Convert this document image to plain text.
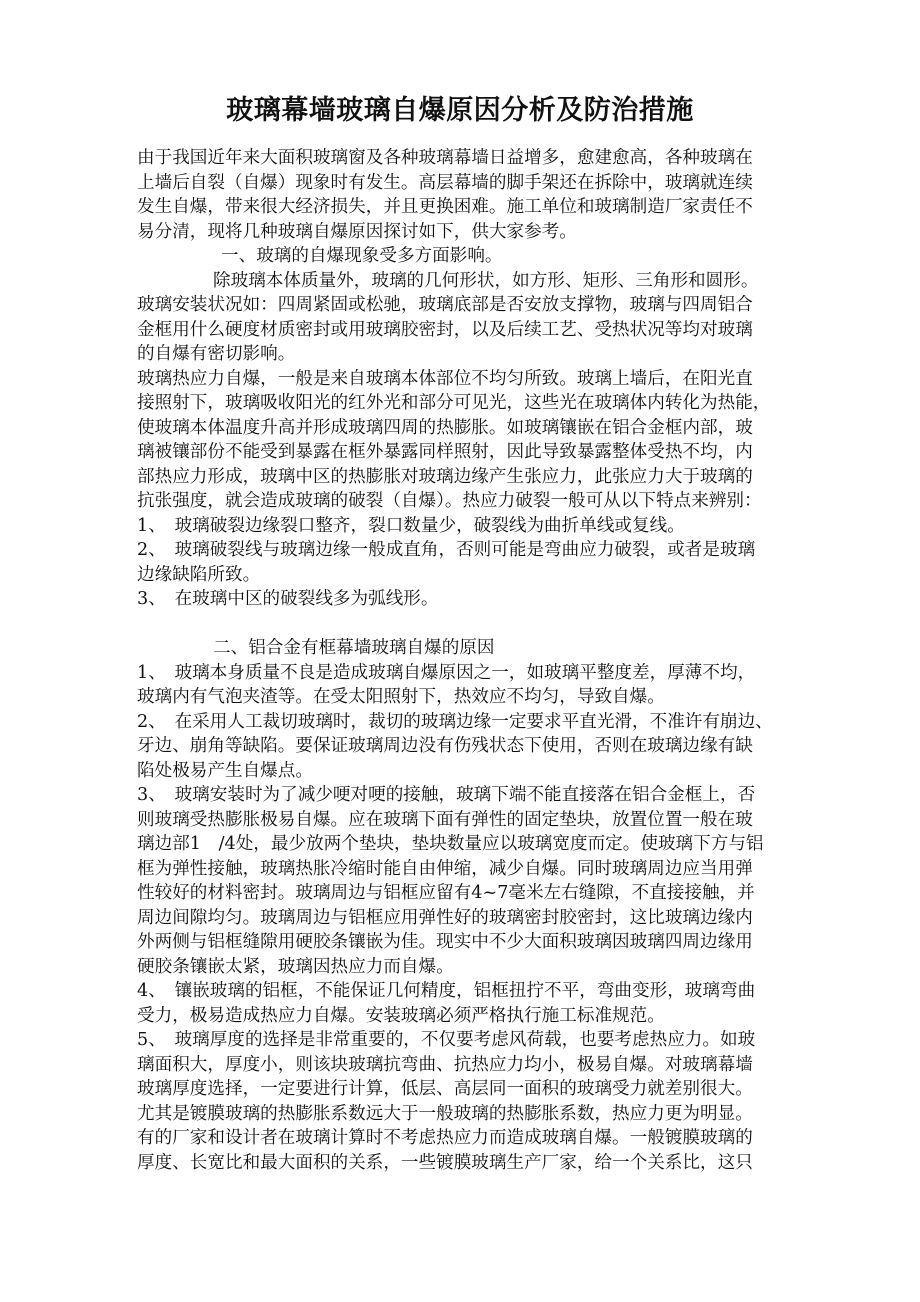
玻璃幕墙玻璃自爆原因分析及防治措施
由于我国近年来大面积玻璃窗及各种玻璃幕墙日益增多，愈建愈高，各种玻璃在
上墙后自裂（自爆）现象时有发生。高层幕墙的脚手架还在拆除中，玻璃就连续
发生自爆，带来很大经济损失，并且更换困难。施工单位和玻璃制造厂家责任不
易分清，现将几种玻璃自爆原因探讨如下，供大家参考。
一、玻璃的自爆现象受多方面影响。
除玻璃本体质量外，玻璃的几何形状，如方形、矩形、三角形和圆形。
玻璃安装状况如：四周紧固或松驰，玻璃底部是否安放支撑物，玻璃与四周铝合
金框用什么硬度材质密封或用玻璃胶密封，以及后续工艺、受热状况等均对玻璃
的自爆有密切影响。
玻璃热应力自爆，一般是来自玻璃本体部位不均匀所致。玻璃上墙后，在阳光直
接照射下，玻璃吸收阳光的红外光和部分可见光，这些光在玻璃体内转化为热能，
使玻璃本体温度升高并形成玻璃四周的热膨胀。如玻璃镶嵌在铝合金框内部，玻
璃被镶部份不能受到暴露在框外暴露同样照射，因此导致暴露整体受热不均，内
部热应力形成，玻璃中区的热膨胀对玻璃边缘产生张应力，此张应力大于玻璃的
抗张强度，就会造成玻璃的破裂（自爆）。热应力破裂一般可从以下特点来辨别：
1、　玻璃破裂边缘裂口整齐，裂口数量少，破裂线为曲折单线或复线。
2、　玻璃破裂线与玻璃边缘一般成直角，否则可能是弯曲应力破裂，或者是玻璃
边缘缺陷所致。
3、　在玻璃中区的破裂线多为弧线形。
二、铝合金有框幕墙玻璃自爆的原因
1、　玻璃本身质量不良是造成玻璃自爆原因之一，如玻璃平整度差，厚薄不均，
玻璃内有气泡夹渣等。在受太阳照射下，热效应不均匀，导致自爆。
2、　在采用人工裁切玻璃时，裁切的玻璃边缘一定要求平直光滑，不准许有崩边、
牙边、崩角等缺陷。要保证玻璃周边没有伤残状态下使用，否则在玻璃边缘有缺
陷处极易产生自爆点。
3、　玻璃安装时为了减少哽对哽的接触，玻璃下端不能直接落在铝合金框上，否
则玻璃受热膨胀极易自爆。应在玻璃下面有弹性的固定垫块，放置位置一般在玻
璃边部1　/4处，最少放两个垫块，垫块数量应以玻璃宽度而定。使玻璃下方与铝
框为弹性接触，玻璃热胀冷缩时能自由伸缩，减少自爆。同时玻璃周边应当用弹
性较好的材料密封。玻璃周边与铝框应留有4~7毫米左右缝隙，不直接接触，并
周边间隙均匀。玻璃周边与铝框应用弹性好的玻璃密封胶密封，这比玻璃边缘内
外两侧与铝框缝隙用硬胶条镶嵌为佳。现实中不少大面积玻璃因玻璃四周边缘用
硬胶条镶嵌太紧，玻璃因热应力而自爆。
4、　镶嵌玻璃的铝框，不能保证几何精度，铝框扭拧不平，弯曲变形，玻璃弯曲
受力，极易造成热应力自爆。安装玻璃必须严格执行施工标准规范。
5、　玻璃厚度的选择是非常重要的，不仅要考虑风荷载，也要考虑热应力。如玻
璃面积大，厚度小，则该块玻璃抗弯曲、抗热应力均小，极易自爆。对玻璃幕墙
玻璃厚度选择，一定要进行计算，低层、高层同一面积的玻璃受力就差别很大。
尤其是镀膜玻璃的热膨胀系数远大于一般玻璃的热膨胀系数，热应力更为明显。
有的厂家和设计者在玻璃计算时不考虑热应力而造成玻璃自爆。一般镀膜玻璃的
厚度、长宽比和最大面积的关系，一些镀膜玻璃生产厂家，给一个关系比，这只
